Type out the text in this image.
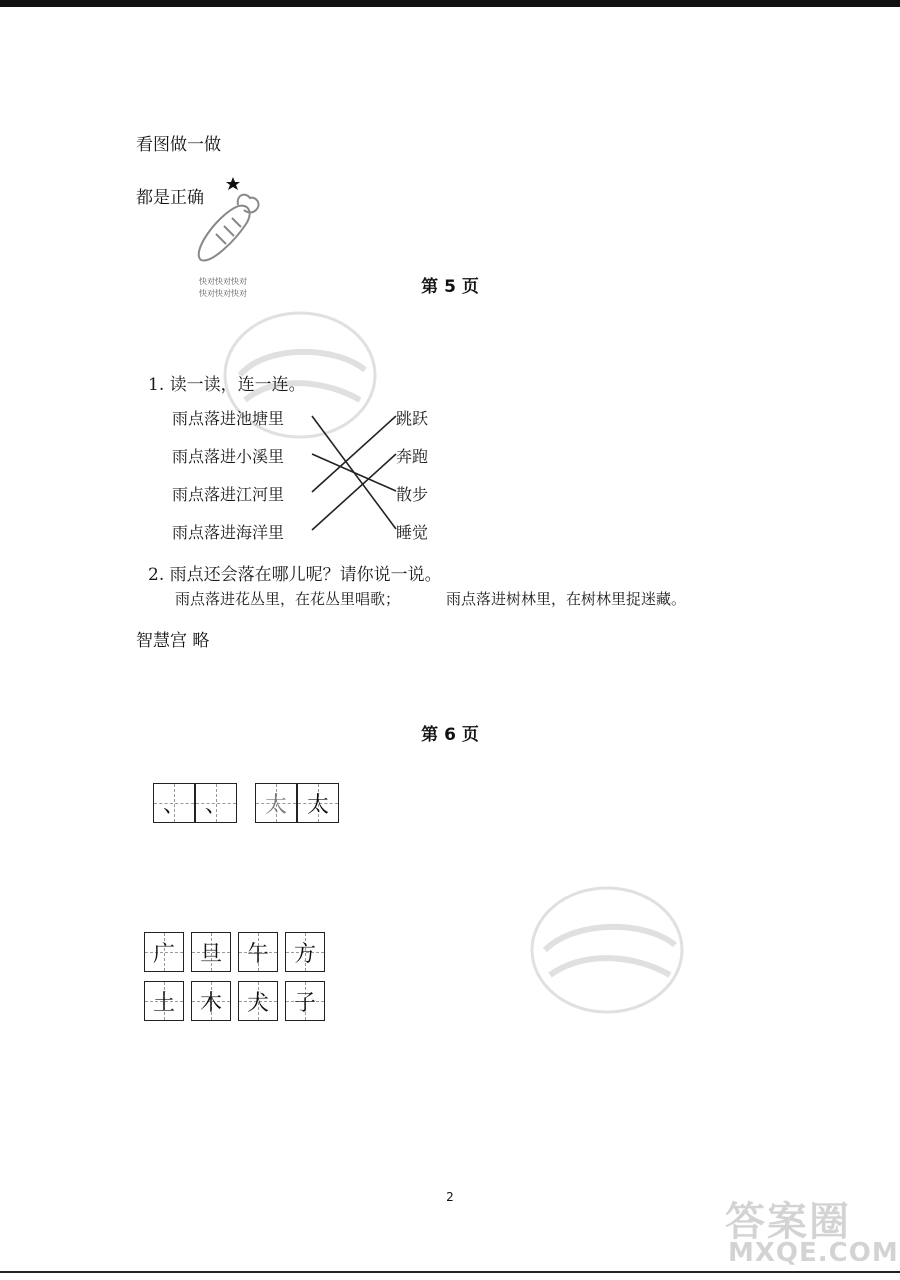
看图做一做
都是正确
快对快对快对
快对快对快对	第 5 页
1. 读一读，连一连。
雨点落进池塘里
雨点落进小溪里
雨点落进江河里
雨点落进海洋里
跳跃
奔跑
散步
睡觉
2. 雨点还会落在哪儿呢？请你说一说。
雨点落进花丛里，在花丛里唱歌；	雨点落进树林里，在树林里捉迷藏。
智慧宫 略
第 6 页
、 、 太 太
广 旦 午 方
土 木 犬 子
2
答案圈
MXQE.COM
